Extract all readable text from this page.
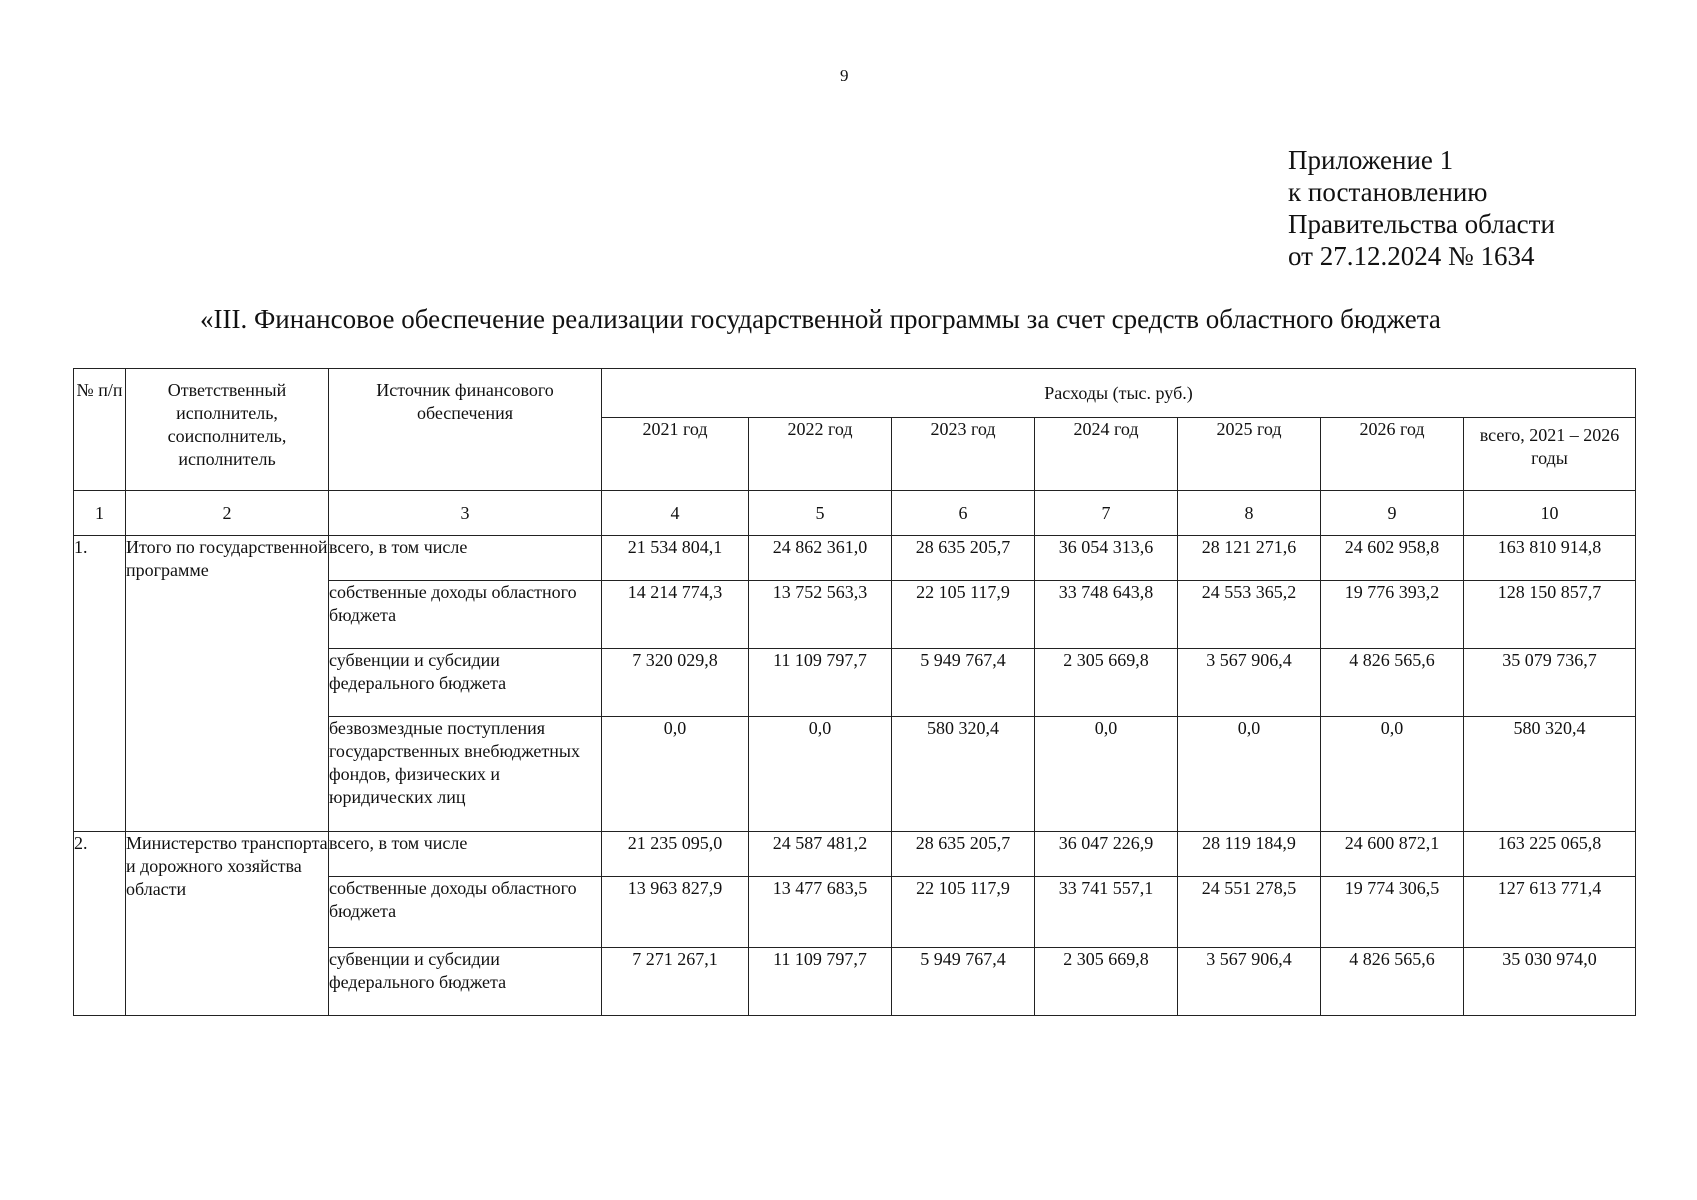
9
Приложение 1
к постановлению
Правительства области
от 27.12.2024 № 1634
«III. Финансовое обеспечение реализации государственной программы за счет средств областного бюджета
№ п/п	Ответственный исполнитель, соисполнитель, исполнитель	Источник финансового обеспечения	Расходы (тыс. руб.)						
			2021 год	2022 год	2023 год	2024 год	2025 год	2026 год	всего, 2021 – 2026 годы
1	2	3	4	5	6	7	8	9	10
1.	Итого по государственной программе	всего, в том числе	21 534 804,1	24 862 361,0	28 635 205,7	36 054 313,6	28 121 271,6	24 602 958,8	163 810 914,8
		собственные доходы областного бюджета	14 214 774,3	13 752 563,3	22 105 117,9	33 748 643,8	24 553 365,2	19 776 393,2	128 150 857,7
		субвенции и субсидии федерального бюджета	7 320 029,8	11 109 797,7	5 949 767,4	2 305 669,8	3 567 906,4	4 826 565,6	35 079 736,7
		безвозмездные поступления государственных внебюджетных фондов, физических и юридических лиц	0,0	0,0	580 320,4	0,0	0,0	0,0	580 320,4
2.	Министерство транспорта и дорожного хозяйства области	всего, в том числе	21 235 095,0	24 587 481,2	28 635 205,7	36 047 226,9	28 119 184,9	24 600 872,1	163 225 065,8
		собственные доходы областного бюджета	13 963 827,9	13 477 683,5	22 105 117,9	33 741 557,1	24 551 278,5	19 774 306,5	127 613 771,4
		субвенции и субсидии федерального бюджета	7 271 267,1	11 109 797,7	5 949 767,4	2 305 669,8	3 567 906,4	4 826 565,6	35 030 974,0
